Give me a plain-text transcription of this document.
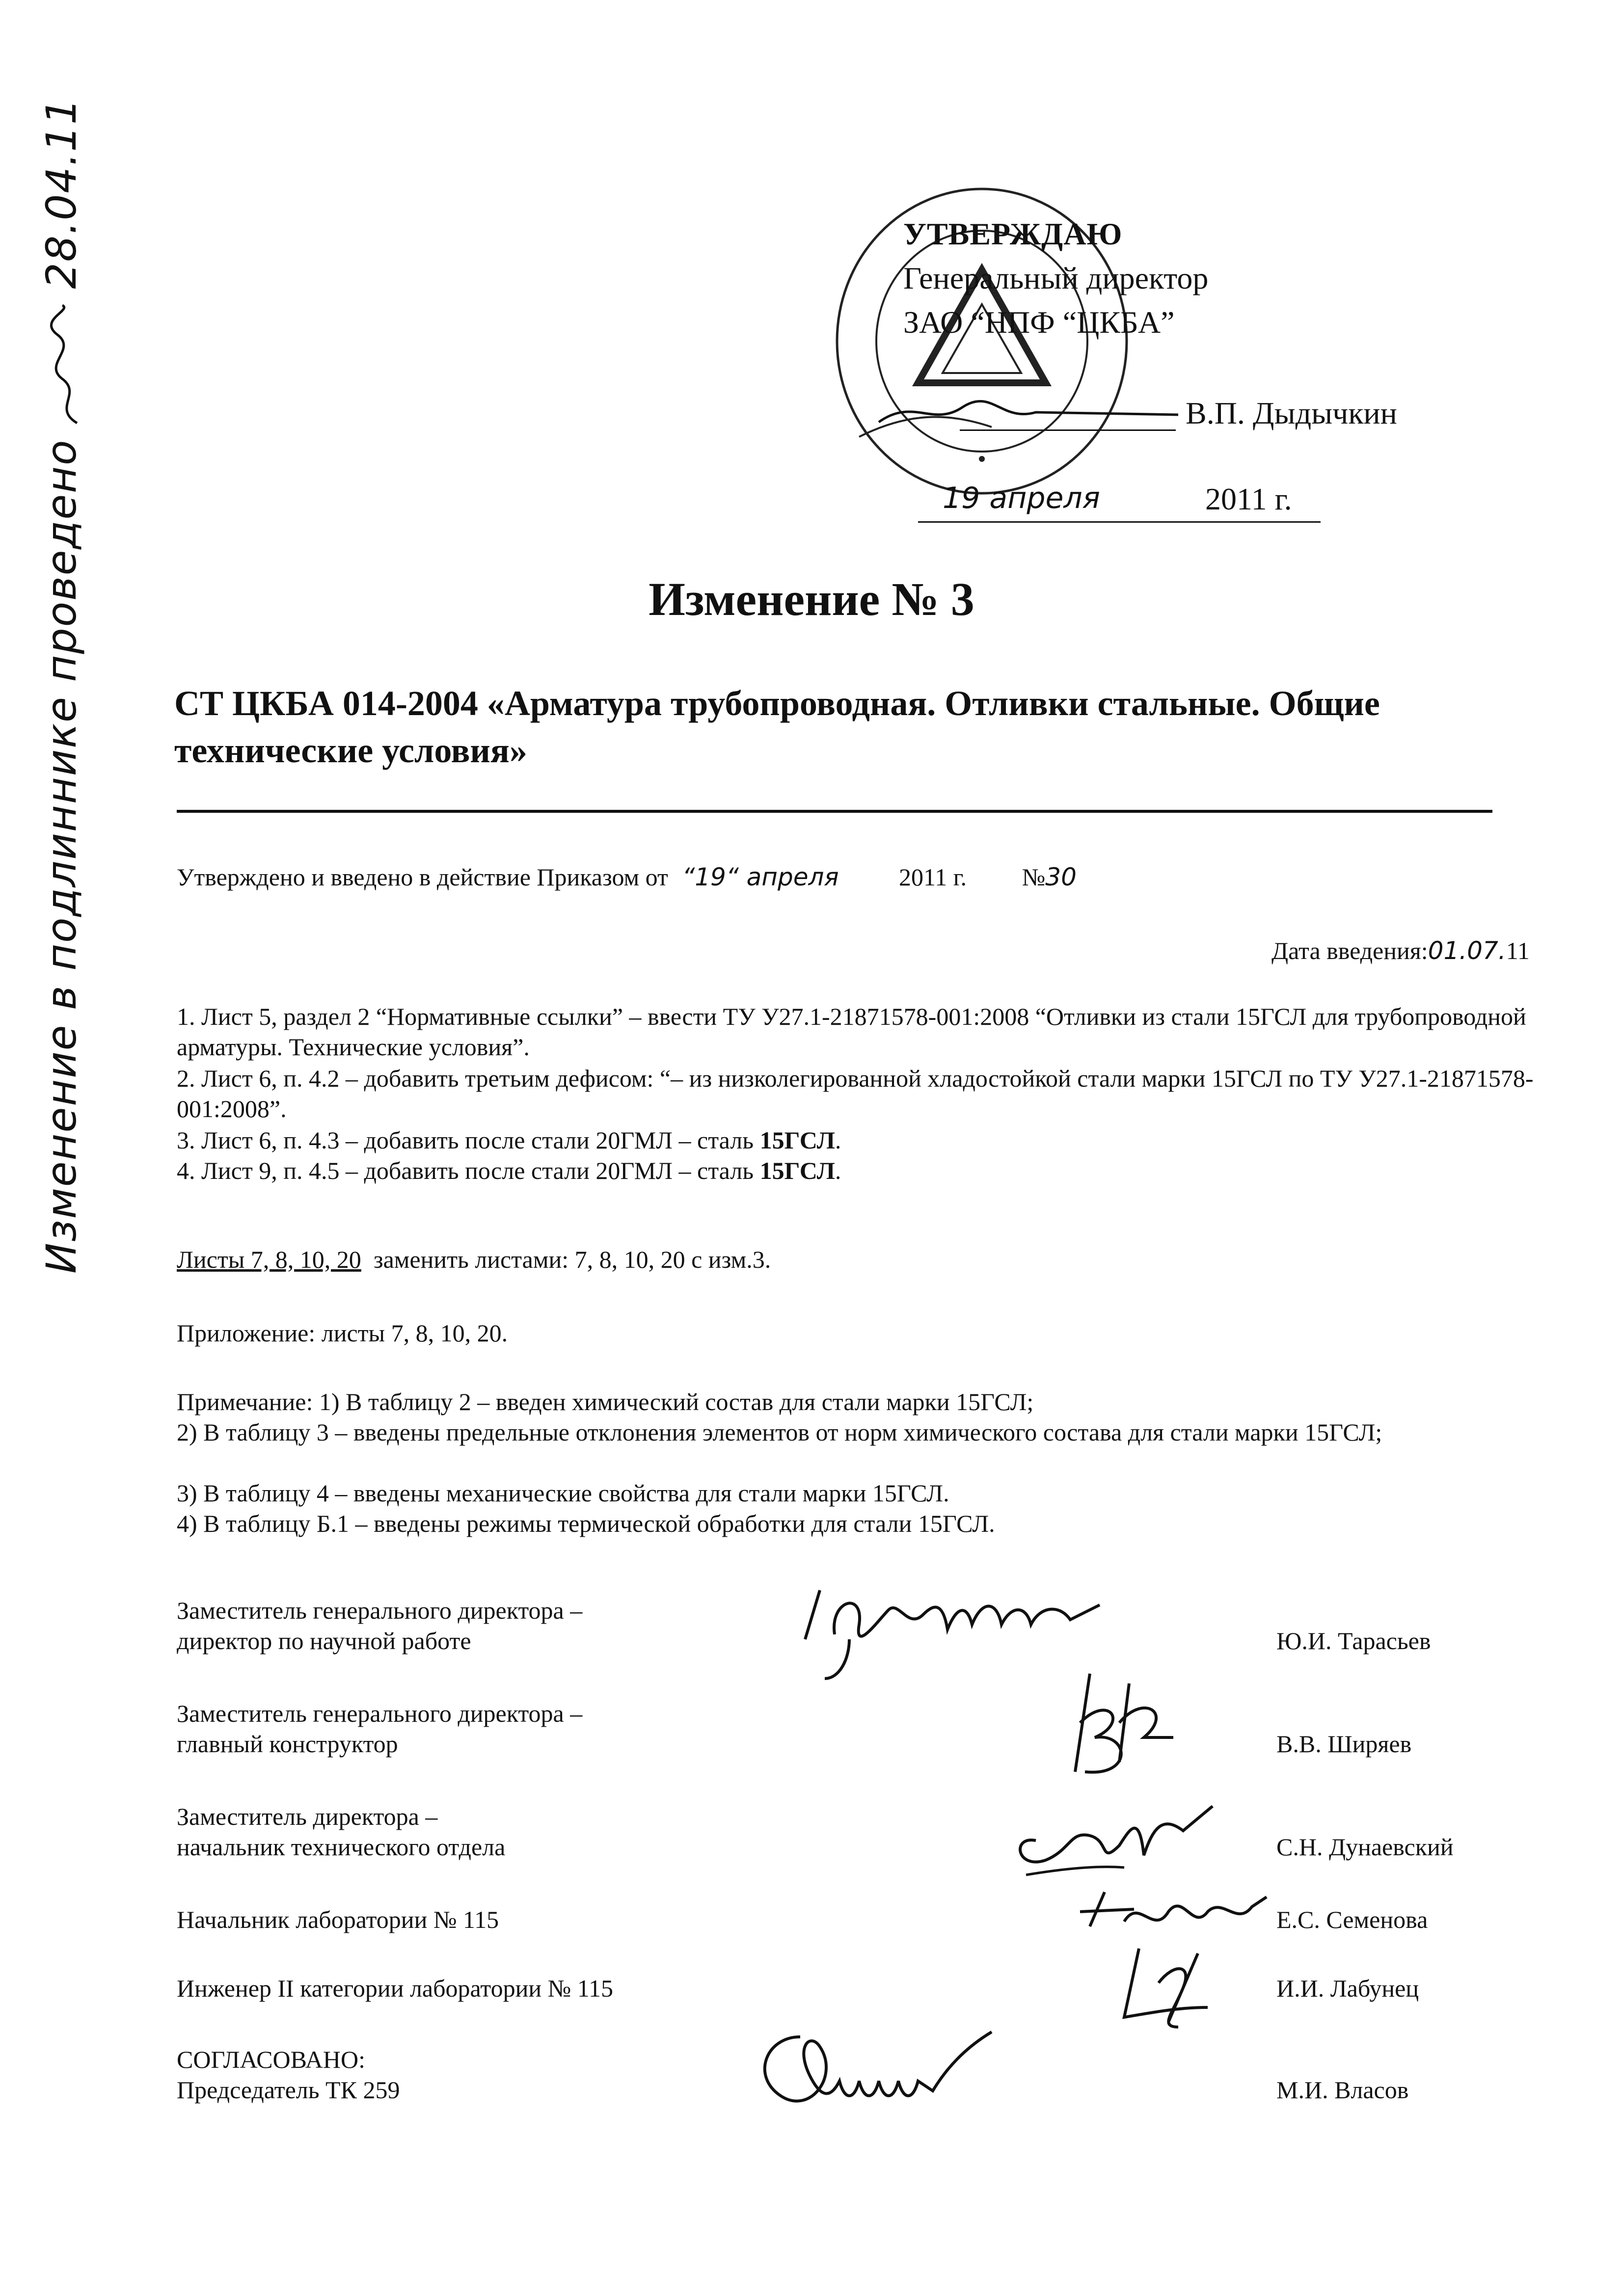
Изменение в подлиннике проведено  28.04.11	УТВЕРЖДАЮ
Генеральный директор
ЗАО “НПФ “ЦКБА”
В.П. Дыдычкин
19 апреля	2011 г.
Изменение № 3
СТ ЦКБА 014-2004 «Арматура трубопроводная. Отливки стальные. Общие технические условия»
Утверждено и введено в действие Приказом от “19“ апреля 2011 г. №30
Дата введения:01.07.11
1. Лист 5, раздел 2 “Нормативные ссылки” – ввести ТУ У27.1-21871578-001:2008 “Отливки из стали 15ГСЛ для трубопроводной арматуры. Технические условия”.
2. Лист 6, п. 4.2 – добавить третьим дефисом: “– из низколегированной хладостойкой стали марки 15ГСЛ по ТУ У27.1-21871578-001:2008”.
3. Лист 6, п. 4.3 – добавить после стали 20ГМЛ – сталь 15ГСЛ.
4. Лист 9, п. 4.5 – добавить после стали 20ГМЛ – сталь 15ГСЛ.
Листы 7, 8, 10, 20  заменить листами: 7, 8, 10, 20 с изм.3.
Приложение: листы 7, 8, 10, 20.
Примечание: 1) В таблицу 2 – введен химический состав для стали марки 15ГСЛ;
2) В таблицу 3 – введены предельные отклонения элементов от норм химического состава для стали марки 15ГСЛ;
3) В таблицу 4 – введены механические свойства для стали марки 15ГСЛ.
4) В таблицу Б.1 – введены режимы термической обработки для стали 15ГСЛ.
Заместитель генерального директора –
директор по научной работе	Ю.И. Тарасьев
Заместитель генерального директора –
главный конструктор	В.В. Ширяев
Заместитель директора –
начальник технического отдела	С.Н. Дунаевский
Начальник лаборатории № 115	Е.С. Семенова
Инженер II категории лаборатории № 115	И.И. Лабунец
СОГЛАСОВАНО:
Председатель ТК 259	М.И. Власов
